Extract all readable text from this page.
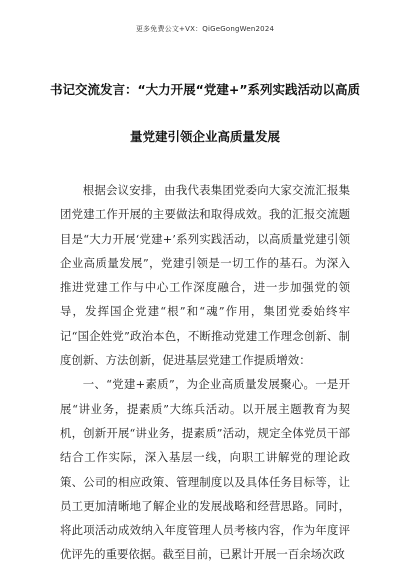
更多免费公文+VX：QiGeGongWen2024
书记交流发言：“大力开展“党建+”系列实践活动以高质
量党建引领企业高质量发展

根据会议安排，由我代表集团党委向大家交流汇报集团党建工作开展的主要做法和取得成效。我的汇报交流题目是“大力开展‘党建+’系列实践活动，以高质量党建引领企业高质量发展”，党建引领是一切工作的基石。为深入推进党建工作与中心工作深度融合，进一步加强党的领导，发挥国企党建“根”和“魂”作用，集团党委始终牢记“国企姓党”政治本色，不断推动党建工作理念创新、制度创新、方法创新，促进基层党建工作提质增效：

一、“党建+素质”，为企业高质量发展聚心。一是开展“讲业务，提素质”大练兵活动。以开展主题教育为契机，创新开展“讲业务，提素质”活动，规定全体党员干部结合工作实际，深入基层一线，向职工讲解党的理论政策、公司的相应政策、管理制度以及具体任务目标等，让员工更加清晰地了解企业的发展战略和经营思路。同时，将此项活动成效纳入年度管理人员考核内容，作为年度评优评先的重要依据。截至目前，已累计开展一百余场次政
